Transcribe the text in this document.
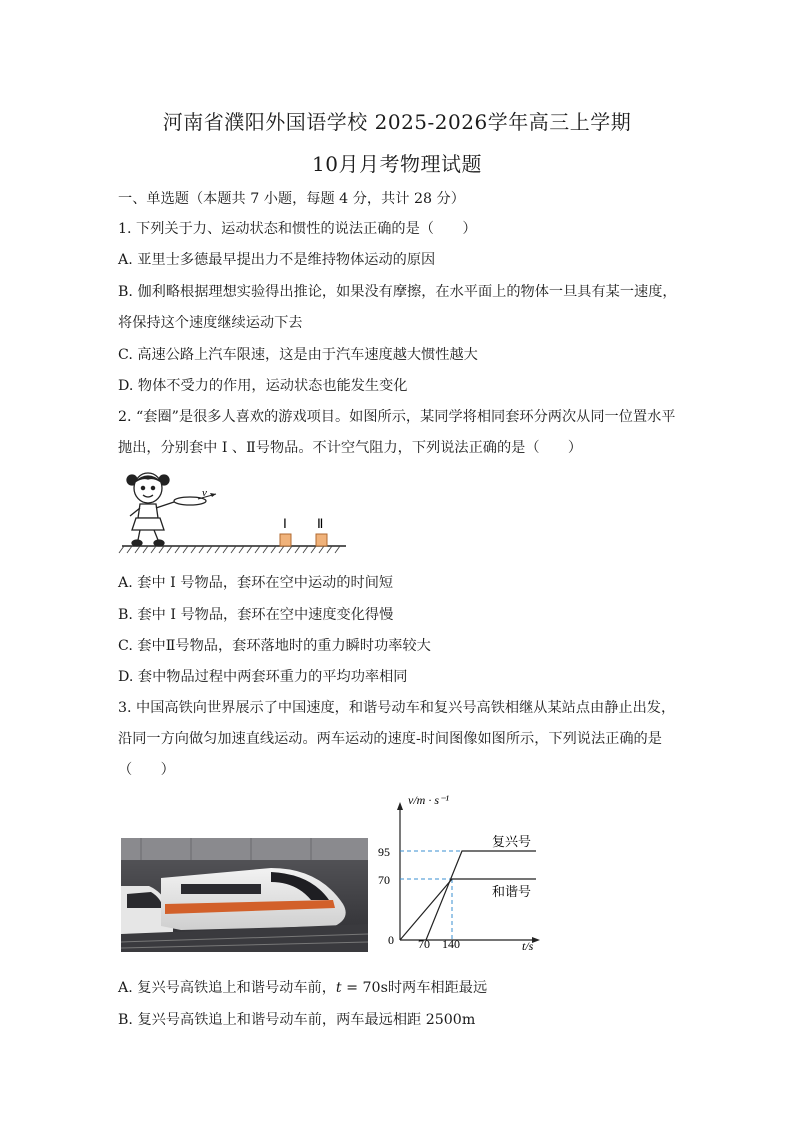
河南省濮阳外国语学校 2025-2026学年高三上学期
10月月考物理试题
一、单选题（本题共 7 小题，每题 4 分，共计 28 分）
1. 下列关于力、运动状态和惯性的说法正确的是（　　）
A. 亚里士多德最早提出力不是维持物体运动的原因
B. 伽利略根据理想实验得出推论，如果没有摩擦，在水平面上的物体一旦具有某一速度，
将保持这个速度继续运动下去
C. 高速公路上汽车限速，这是由于汽车速度越大惯性越大
D. 物体不受力的作用，运动状态也能发生变化
2. “套圈”是很多人喜欢的游戏项目。如图所示，某同学将相同套环分两次从同一位置水平
抛出，分别套中 Ⅰ 、Ⅱ号物品。不计空气阻力，下列说法正确的是（　　）
v
Ⅰ Ⅱ
A. 套中 Ⅰ 号物品，套环在空中运动的时间短
B. 套中 Ⅰ 号物品，套环在空中速度变化得慢
C. 套中Ⅱ号物品，套环落地时的重力瞬时功率较大
D. 套中物品过程中两套环重力的平均功率相同
3. 中国高铁向世界展示了中国速度，和谐号动车和复兴号高铁相继从某站点由静止出发，
沿同一方向做匀加速直线运动。两车运动的速度-时间图像如图所示，下列说法正确的是
（　　）
v/m · s⁻¹
t/s
0
95
70
70 140
复兴号
和谐号
A. 复兴号高铁追上和谐号动车前，t = 70s时两车相距最远
B. 复兴号高铁追上和谐号动车前，两车最远相距 2500m
